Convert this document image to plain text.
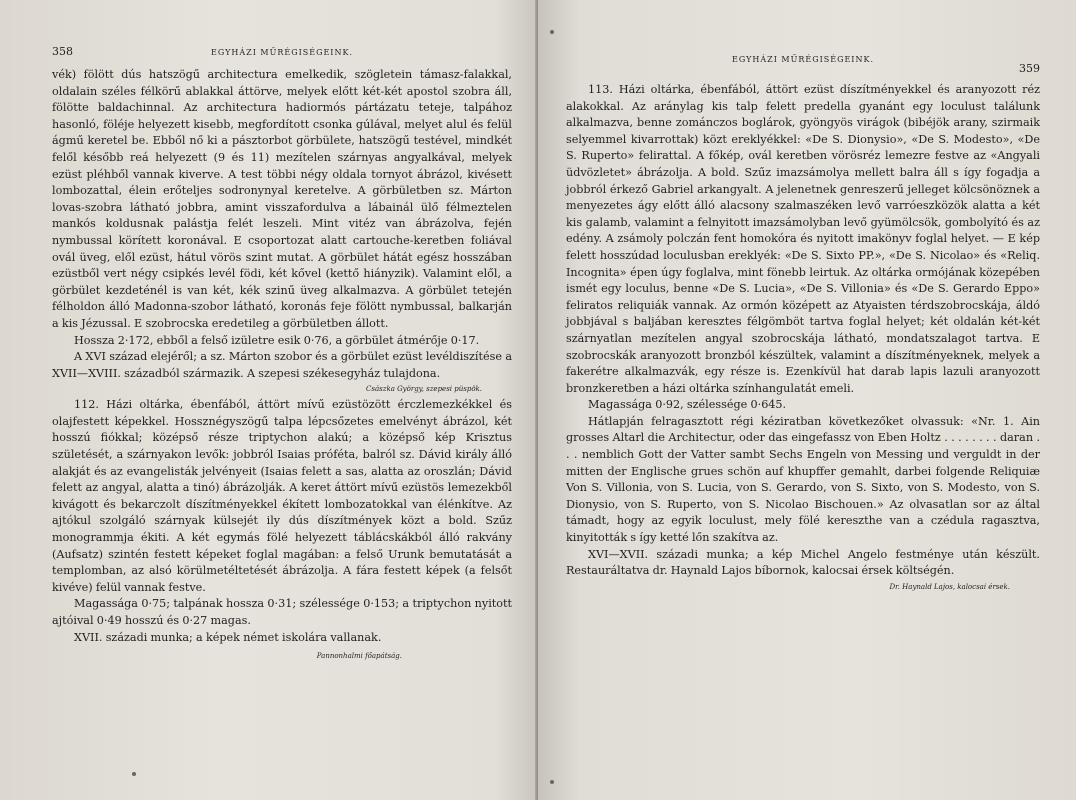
358	EGYHÁZI MŰRÉGISÉGEINK.

vék) fölött dús hatszögű architectura emelkedik, szögletein támasz-falakkal, oldalain széles félkörű ablakkal áttörve, melyek előtt két-két apostol szobra áll, fölötte baldachinnal. Az architectura hadiormós pártázatu teteje, talpához hasonló, föléje helyezett kisebb, megfordított csonka gúlával, melyet alul és felül ágmű keretel be. Ebből nő ki a pásztorbot görbülete, hatszögű testével, mindkét felől később reá helyezett (9 és 11) mezítelen szárnyas angyalkával, melyek ezüst pléhből vannak kiverve. A test többi négy oldala tornyot ábrázol, kivésett lombozattal, élein erőteljes sodronynyal keretelve. A görbületben sz. Márton lovas-szobra látható jobbra, amint visszafordulva a lábainál ülő félmeztelen mankós koldusnak palástja felét leszeli. Mint vitéz van ábrázolva, fején nymbussal körített koronával. E csoportozat alatt cartouche-keretben foliával ovál üveg, elől ezüst, hátul vörös szint mutat. A görbület hátát egész hosszában ezüstből vert négy csipkés levél födi, két kővel (kettő hiányzik). Valamint elől, a görbület kezdeténél is van két, kék szinű üveg alkalmazva. A görbület tetején félholdon álló Madonna-szobor látható, koronás feje fölött nymbussal, balkarján a kis Jézussal. E szobrocska eredetileg a görbületben állott.

Hossza 2·172, ebből a felső izületre esik 0·76, a görbület átmérője 0·17.

A XVI század elejéről; a sz. Márton szobor és a görbület ezüst levéldiszítése a XVII—XVIII. századból származik. A szepesi székesegyház tulajdona.

Császka György, szepesi püspök.

112. Házi oltárka, ébenfából, áttört mívű ezüstözött érczlemezkékkel és olajfestett képekkel. Hossznégyszögű talpa lépcsőzetes emelvényt ábrázol, két hosszú fiókkal; középső része triptychon alakú; a középső kép Krisztus születését, a szárnyakon levők: jobbról Isaias próféta, balról sz. Dávid király álló alakját és az evangelisták jelvényeit (Isaias felett a sas, alatta az oroszlán; Dávid felett az angyal, alatta a tinó) ábrázolják. A keret áttört mívű ezüstös lemezekből kivágott és bekarczolt díszítményekkel ékített lombozatokkal van élénkítve. Az ajtókul szolgáló szárnyak külsejét ily dús díszítmények közt a bold. Szűz monogrammja ékiti. A két egymás fölé helyezett táblácskákból álló rakvány (Aufsatz) szintén festett képeket foglal magában: a felső Urunk bemutatását a templomban, az alsó körülmetéltetését ábrázolja. A fára festett képek (a felsőt kivéve) felül vannak festve.

Magassága 0·75; talpának hossza 0·31; szélessége 0·153; a triptychon nyitott ajtóival 0·49 hosszú és 0·27 magas.

XVII. századi munka; a képek német iskolára vallanak.

Pannonhalmi főapátság.

EGYHÁZI MŰRÉGISÉGEINK.
359

113. Házi oltárka, ébenfából, áttört ezüst díszítményekkel és aranyozott réz alakokkal. Az aránylag kis talp felett predella gyanánt egy loculust találunk alkalmazva, benne zománczos boglárok, gyöngyös virágok (bibéjök arany, szirmaik selyemmel kivarrottak) közt ereklyékkel: «De S. Dionysio», «De S. Modesto», «De S. Ruperto» felirattal. A főkép, ovál keretben vörösréz lemezre festve az «Angyali üdvözletet» ábrázolja. A bold. Szűz imazsámolya mellett balra áll s így fogadja a jobbról érkező Gabriel arkangyalt. A jelenetnek genreszerű jelleget kölcsönöznek a menyezetes ágy előtt álló alacsony szalmaszéken levő varróeszközök alatta a két kis galamb, valamint a felnyitott imazsámolyban levő gyümölcsök, gombolyító és az edény. A zsámoly polczán fent homokóra és nyitott imakönyv foglal helyet. — E kép felett hosszúdad loculusban ereklyék: «De S. Sixto PP.», «De S. Nicolao» és «Reliq. Incognita» épen úgy foglalva, mint fönebb leirtuk. Az oltárka ormójának közepében ismét egy loculus, benne «De S. Lucia», «De S. Villonia» és «De S. Gerardo Eppo» feliratos reliquiák vannak. Az ormón középett az Atyaisten térdszobrocskája, áldó jobbjával s baljában keresztes félgömböt tartva foglal helyet; két oldalán két-két szárnyatlan mezítelen angyal szobrocskája látható, mondatszalagot tartva. E szobrocskák aranyozott bronzból készültek, valamint a díszítményeknek, melyek a fakerétre alkalmazvák, egy része is. Ezenkívül hat darab lapis lazuli aranyozott bronzkeretben a házi oltárka színhangulatát emeli.

Magassága 0·92, szélessége 0·645.

Hátlapján felragasztott régi kéziratban következőket olvassuk: «Nr. 1. Ain grosses Altarl die Architectur, oder das eingefassz von Eben Holtz . . . . . . . . daran . . . nemblich Gott der Vatter sambt Sechs Engeln von Messing und verguldt in der mitten der Englische grues schön auf khupffer gemahlt, darbei folgende Reliquiæ Von S. Villonia, von S. Lucia, von S. Gerardo, von S. Sixto, von S. Modesto, von S. Dionysio, von S. Ruperto, von S. Nicolao Bischouen.» Az olvasatlan sor az által támadt, hogy az egyik loculust, mely fölé kereszthe van a czédula ragasztva, kinyitották s így ketté lőn szakítva az.

XVI—XVII. századi munka; a kép Michel Angelo festménye után készült. Restauráltatva dr. Haynald Lajos bíbornok, kalocsai érsek költségén.

Dr. Haynald Lajos, kalocsai érsek.
